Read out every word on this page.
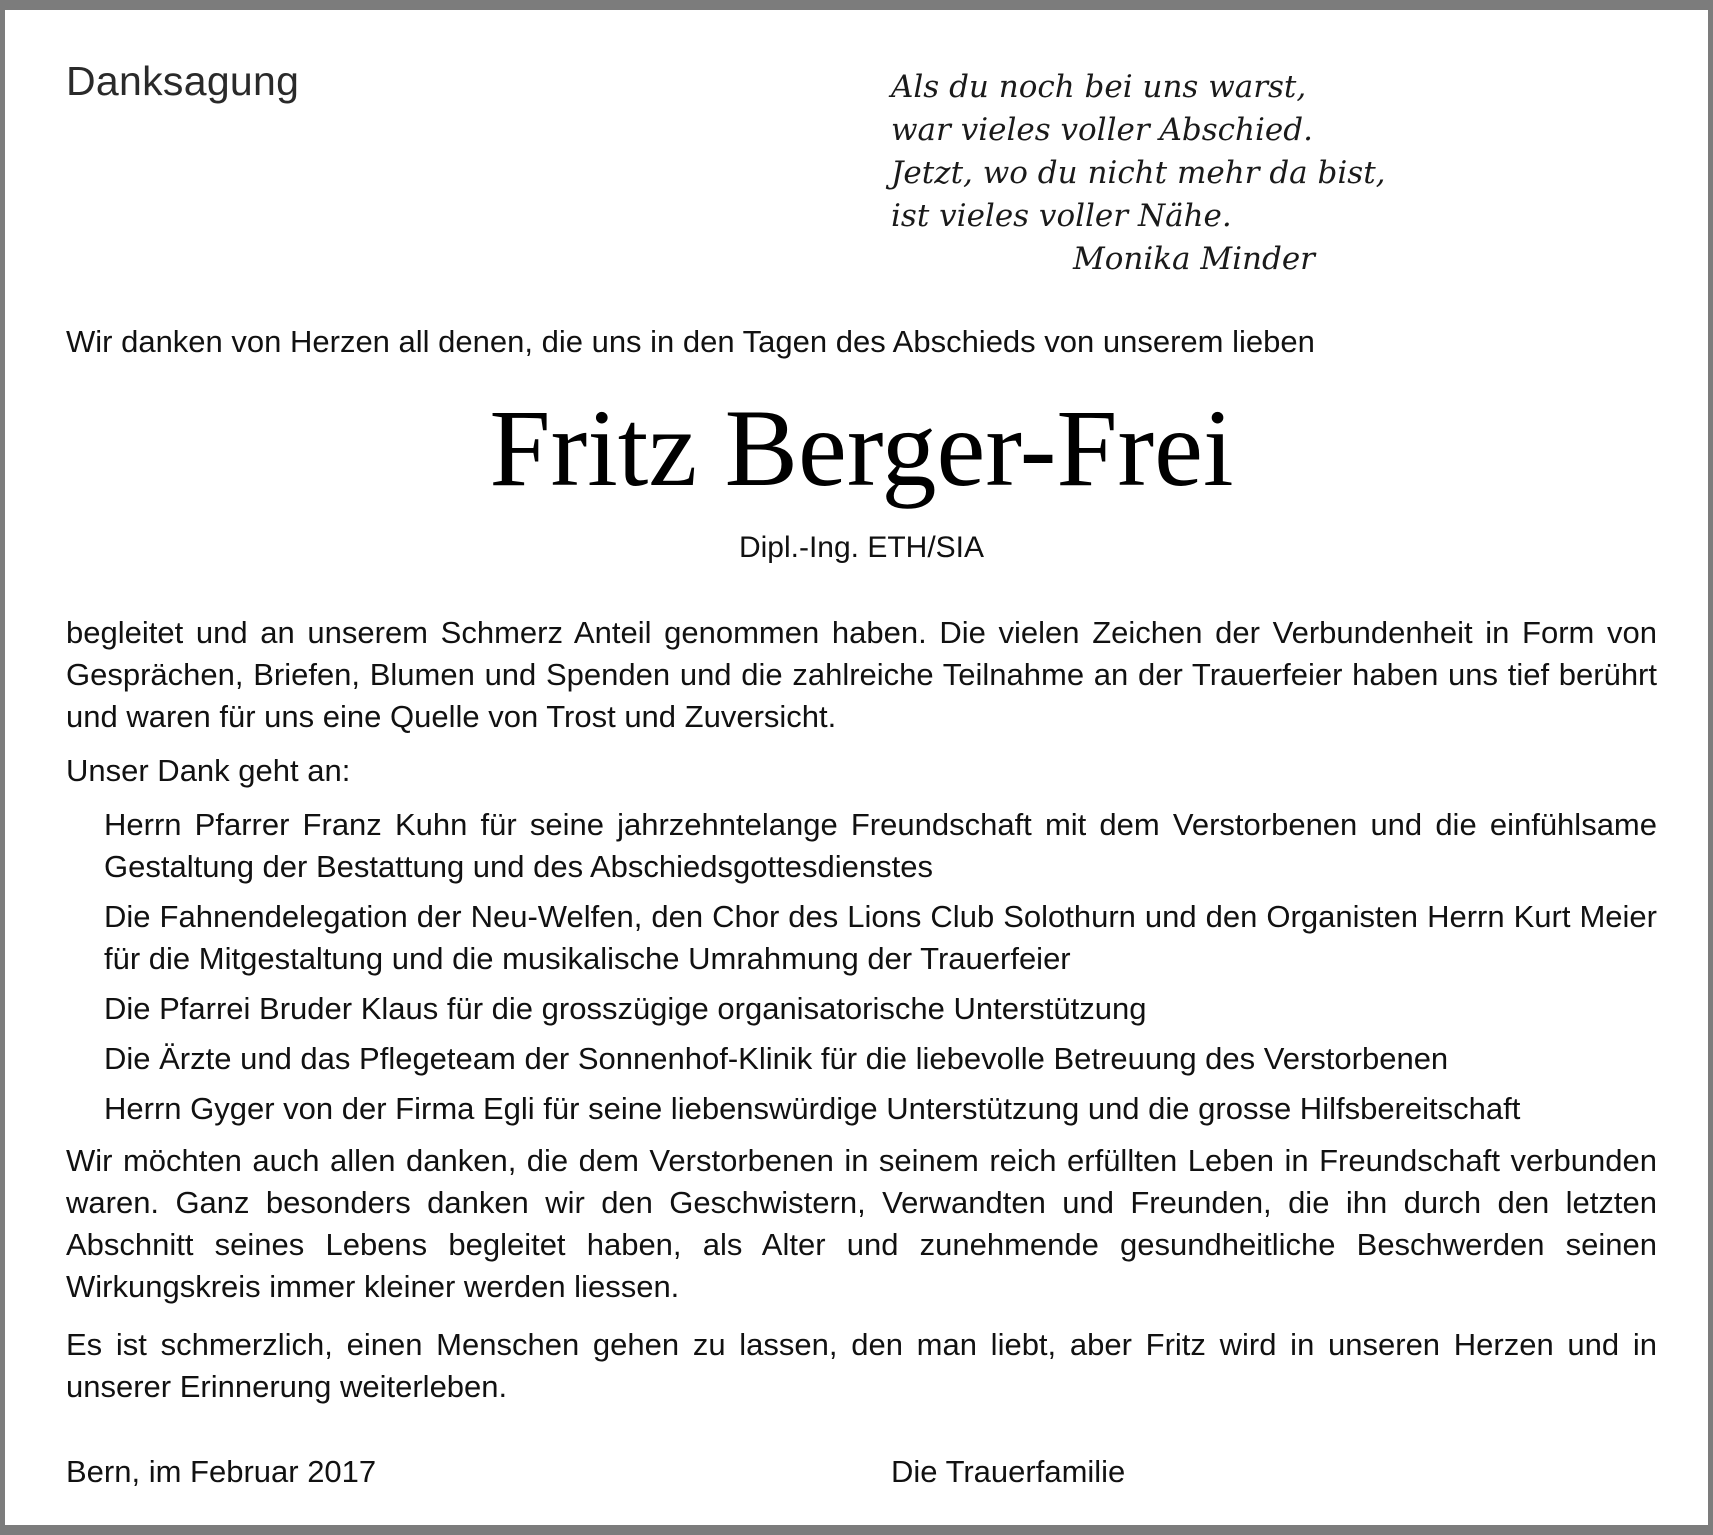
Danksagung	Als du noch bei uns warst,
war vieles voller Abschied.
Jetzt, wo du nicht mehr da bist,
ist vieles voller Nähe.
Monika Minder
Wir danken von Herzen all denen, die uns in den Tagen des Abschieds von unserem lieben
Fritz Berger-Frei
Dipl.-Ing. ETH/SIA
begleitet und an unserem Schmerz Anteil genommen haben. Die vielen Zeichen der Verbundenheit in Form von Gesprächen, Briefen, Blumen und Spenden und die zahlreiche Teilnahme an der Trauerfeier haben uns tief berührt und waren für uns eine Quelle von Trost und Zuversicht.
Unser Dank geht an:
Herrn Pfarrer Franz Kuhn für seine jahrzehntelange Freundschaft mit dem Verstorbenen und die einfühlsame Gestaltung der Bestattung und des Abschiedsgottesdienstes
Die Fahnendelegation der Neu-Welfen, den Chor des Lions Club Solothurn und den Organisten Herrn Kurt Meier für die Mitgestaltung und die musikalische Umrahmung der Trauerfeier
Die Pfarrei Bruder Klaus für die grosszügige organisatorische Unterstützung
Die Ärzte und das Pflegeteam der Sonnenhof-Klinik für die liebevolle Betreuung des Verstorbenen
Herrn Gyger von der Firma Egli für seine liebenswürdige Unterstützung und die grosse Hilfsbereitschaft
Wir möchten auch allen danken, die dem Verstorbenen in seinem reich erfüllten Leben in Freundschaft verbunden waren. Ganz besonders danken wir den Geschwistern, Verwandten und Freunden, die ihn durch den letzten Abschnitt seines Lebens begleitet haben, als Alter und zunehmende gesundheitliche Beschwerden seinen Wirkungskreis immer kleiner werden liessen.
Es ist schmerzlich, einen Menschen gehen zu lassen, den man liebt, aber Fritz wird in unseren Herzen und in unserer Erinnerung weiterleben.
Bern, im Februar 2017	Die Trauerfamilie
